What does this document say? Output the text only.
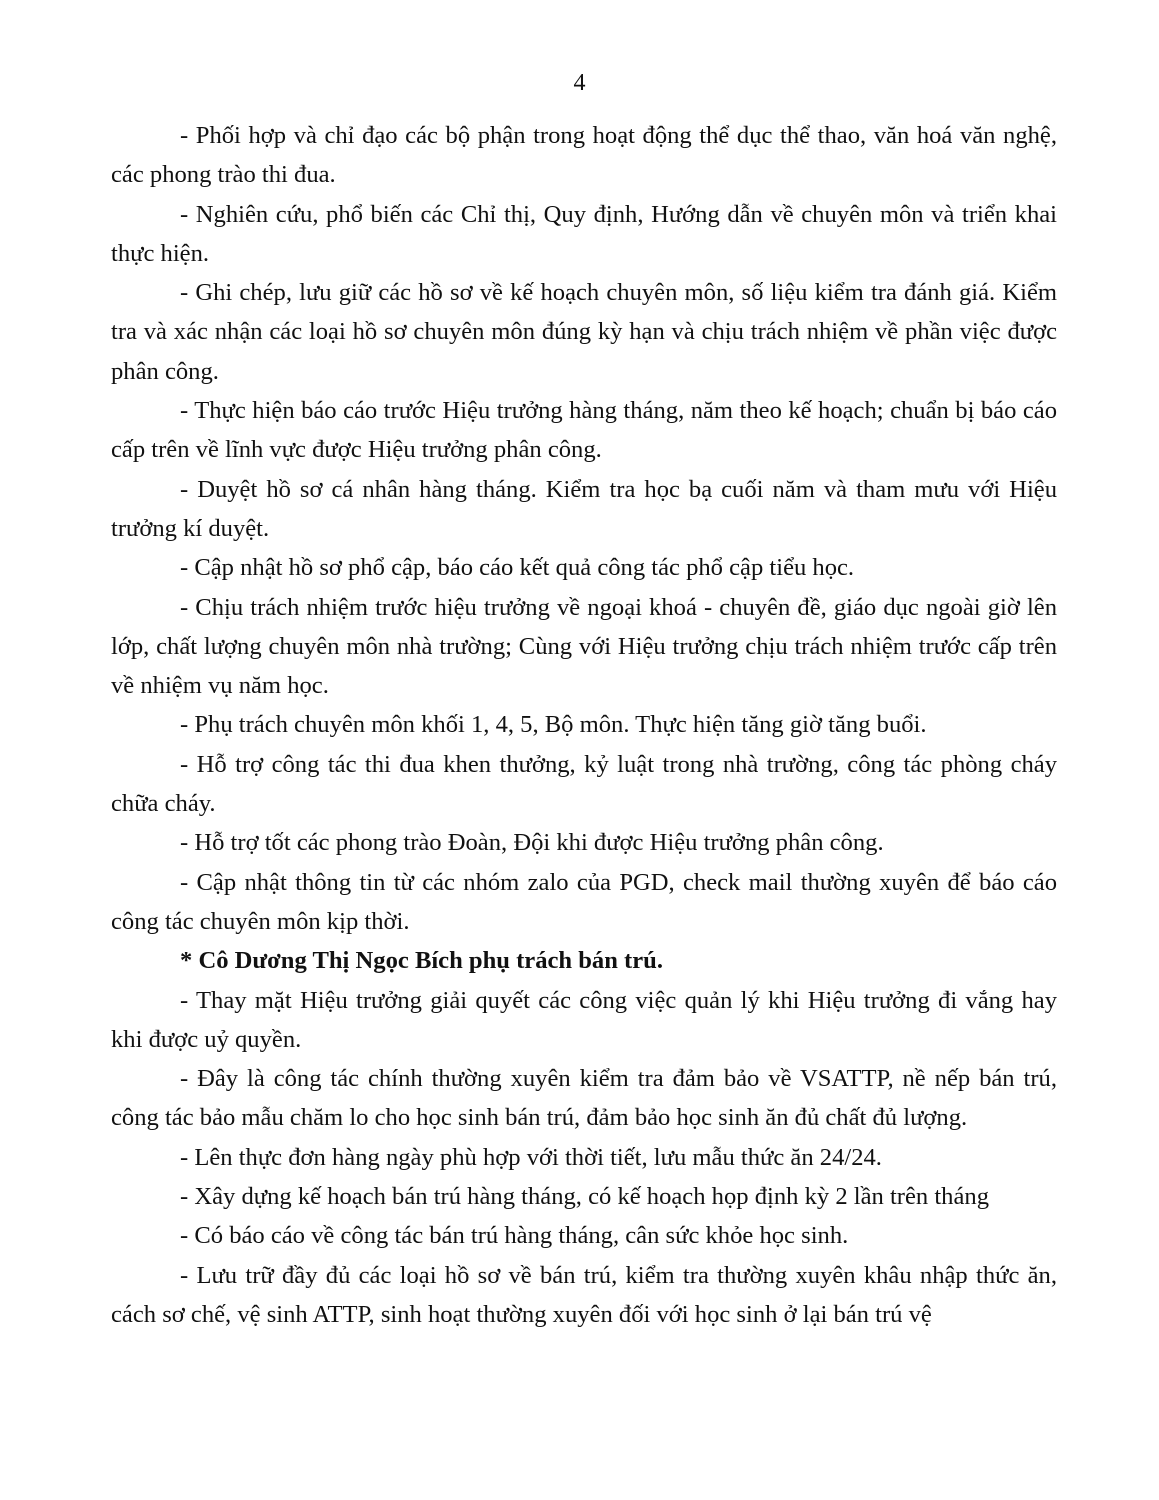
4

- Phối hợp và chỉ đạo các bộ phận trong hoạt động thể dục thể thao, văn hoá văn nghệ, các phong trào thi đua.

- Nghiên cứu, phổ biến các Chỉ thị, Quy định, Hướng dẫn về chuyên môn và triển khai thực hiện.

- Ghi chép, lưu giữ các hồ sơ về kế hoạch chuyên môn, số liệu kiểm tra đánh giá. Kiểm tra và xác nhận các loại hồ sơ chuyên môn đúng kỳ hạn và chịu trách nhiệm về phần việc được phân công.

- Thực hiện báo cáo trước Hiệu trưởng hàng tháng, năm theo kế hoạch; chuẩn bị báo cáo cấp trên về lĩnh vực được Hiệu trưởng phân công.

- Duyệt hồ sơ cá nhân hàng tháng. Kiểm tra học bạ cuối năm và tham mưu với Hiệu trưởng kí duyệt.

- Cập nhật hồ sơ phổ cập, báo cáo kết quả công tác phổ cập tiểu học.

- Chịu trách nhiệm trước hiệu trưởng về ngoại khoá - chuyên đề, giáo dục ngoài giờ lên lớp, chất lượng chuyên môn nhà trường; Cùng với Hiệu trưởng chịu trách nhiệm trước cấp trên về nhiệm vụ năm học.

- Phụ trách chuyên môn khối 1, 4, 5, Bộ môn. Thực hiện tăng giờ tăng buổi.

- Hỗ trợ công tác thi đua khen thưởng, kỷ luật trong nhà trường, công tác phòng cháy chữa cháy.

- Hỗ trợ tốt các phong trào Đoàn, Đội khi được Hiệu trưởng phân công.

- Cập nhật thông tin từ các nhóm zalo của PGD, check mail thường xuyên để báo cáo công tác chuyên môn kịp thời.

* Cô Dương Thị Ngọc Bích phụ trách bán trú.

- Thay mặt Hiệu trưởng giải quyết các công việc quản lý khi Hiệu trưởng đi vắng hay khi được uỷ quyền.

- Đây là công tác chính thường xuyên kiểm tra đảm bảo về VSATTP, nề nếp bán trú, công tác bảo mẫu chăm lo cho học sinh bán trú, đảm bảo học sinh ăn đủ chất đủ lượng.

- Lên thực đơn hàng ngày phù hợp với thời tiết, lưu mẫu thức ăn 24/24.

- Xây dựng kế hoạch bán trú hàng tháng, có kế hoạch họp định kỳ 2 lần trên tháng

- Có báo cáo về công tác bán trú hàng tháng, cân sức khỏe học sinh.

- Lưu trữ đầy đủ các loại hồ sơ về bán trú, kiểm tra thường xuyên khâu nhập thức ăn, cách sơ chế, vệ sinh ATTP, sinh hoạt thường xuyên đối với học sinh ở lại bán trú vệ
